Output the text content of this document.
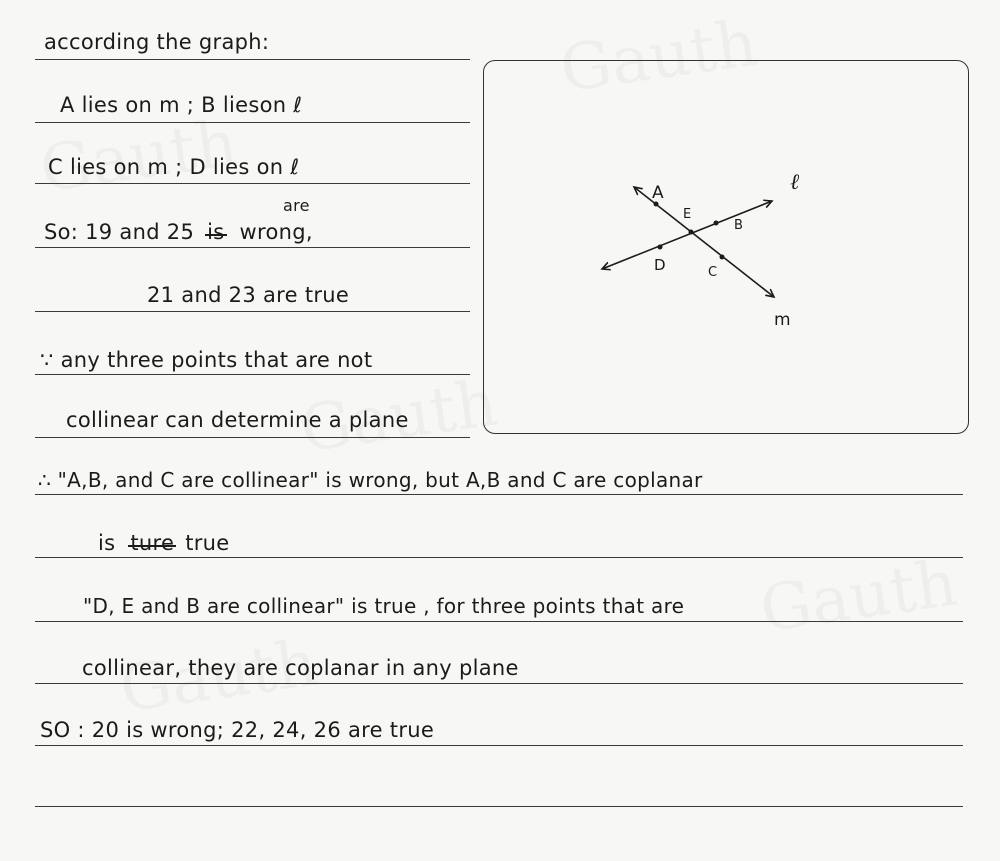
according the graph:
A lies on m ; B lieson ℓ
C lies on m ; D lies on ℓ
are
So: 19 and 25 is wrong,
21 and 23 are true
∵ any three points that are not
collinear can determine a plane
∴ "A,B, and C are collinear" is wrong, but A,B and C are coplanar
is ture true
"D, E and B are collinear" is true , for three points that are
collinear, they are coplanar in any plane
SO : 20 is wrong; 22, 24, 26 are true
A
E
B
D	C
ℓ
m
